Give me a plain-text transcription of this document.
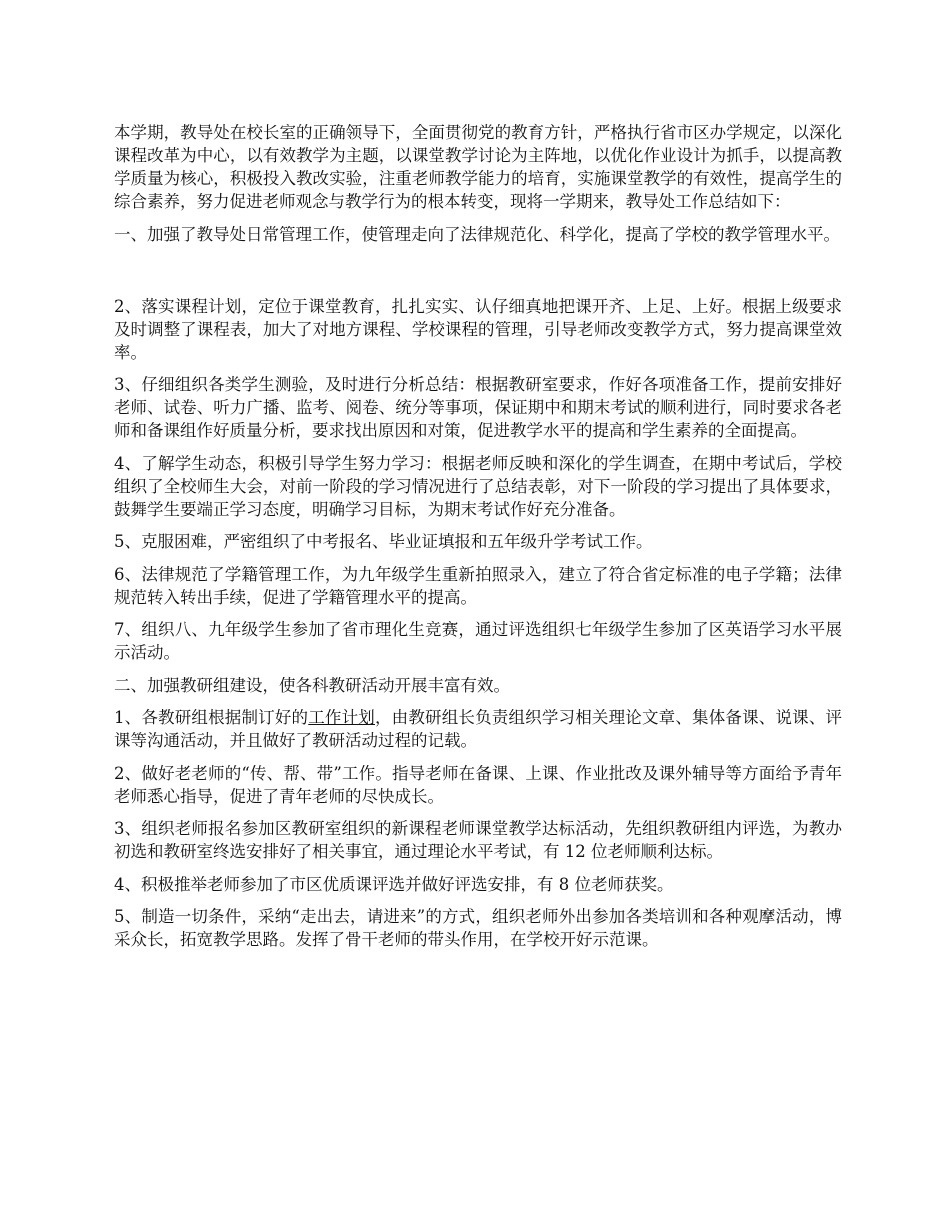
本学期，教导处在校长室的正确领导下，全面贯彻党的教育方针，严格执行省市区办学规定，以深化课程改革为中心，以有效教学为主题，以课堂教学讨论为主阵地，以优化作业设计为抓手，以提高教学质量为核心，积极投入教改实验，注重老师教学能力的培育，实施课堂教学的有效性，提高学生的综合素养，努力促进老师观念与教学行为的根本转变，现将一学期来，教导处工作总结如下：

一、加强了教导处日常管理工作，使管理走向了法律规范化、科学化，提高了学校的教学管理水平。

2、落实课程计划，定位于课堂教育，扎扎实实、认仔细真地把课开齐、上足、上好。根据上级要求及时调整了课程表，加大了对地方课程、学校课程的管理，引导老师改变教学方式，努力提高课堂效率。

3、仔细组织各类学生测验，及时进行分析总结：根据教研室要求，作好各项准备工作，提前安排好老师、试卷、听力广播、监考、阅卷、统分等事项，保证期中和期末考试的顺利进行，同时要求各老师和备课组作好质量分析，要求找出原因和对策，促进教学水平的提高和学生素养的全面提高。

4、了解学生动态，积极引导学生努力学习：根据老师反映和深化的学生调查，在期中考试后，学校组织了全校师生大会，对前一阶段的学习情况进行了总结表彰，对下一阶段的学习提出了具体要求，鼓舞学生要端正学习态度，明确学习目标，为期末考试作好充分准备。

5、克服困难，严密组织了中考报名、毕业证填报和五年级升学考试工作。

6、法律规范了学籍管理工作，为九年级学生重新拍照录入，建立了符合省定标准的电子学籍；法律规范转入转出手续，促进了学籍管理水平的提高。

7、组织八、九年级学生参加了省市理化生竞赛，通过评选组织七年级学生参加了区英语学习水平展示活动。

二、加强教研组建设，使各科教研活动开展丰富有效。

1、各教研组根据制订好的工作计划，由教研组长负责组织学习相关理论文章、集体备课、说课、评课等沟通活动，并且做好了教研活动过程的记载。

2、做好老老师的“传、帮、带”工作。指导老师在备课、上课、作业批改及课外辅导等方面给予青年老师悉心指导，促进了青年老师的尽快成长。

3、组织老师报名参加区教研室组织的新课程老师课堂教学达标活动，先组织教研组内评选，为教办初选和教研室终选安排好了相关事宜，通过理论水平考试，有 12 位老师顺利达标。

4、积极推举老师参加了市区优质课评选并做好评选安排，有 8 位老师获奖。

5、制造一切条件，采纳“走出去，请进来”的方式，组织老师外出参加各类培训和各种观摩活动，博采众长，拓宽教学思路。发挥了骨干老师的带头作用，在学校开好示范课。
